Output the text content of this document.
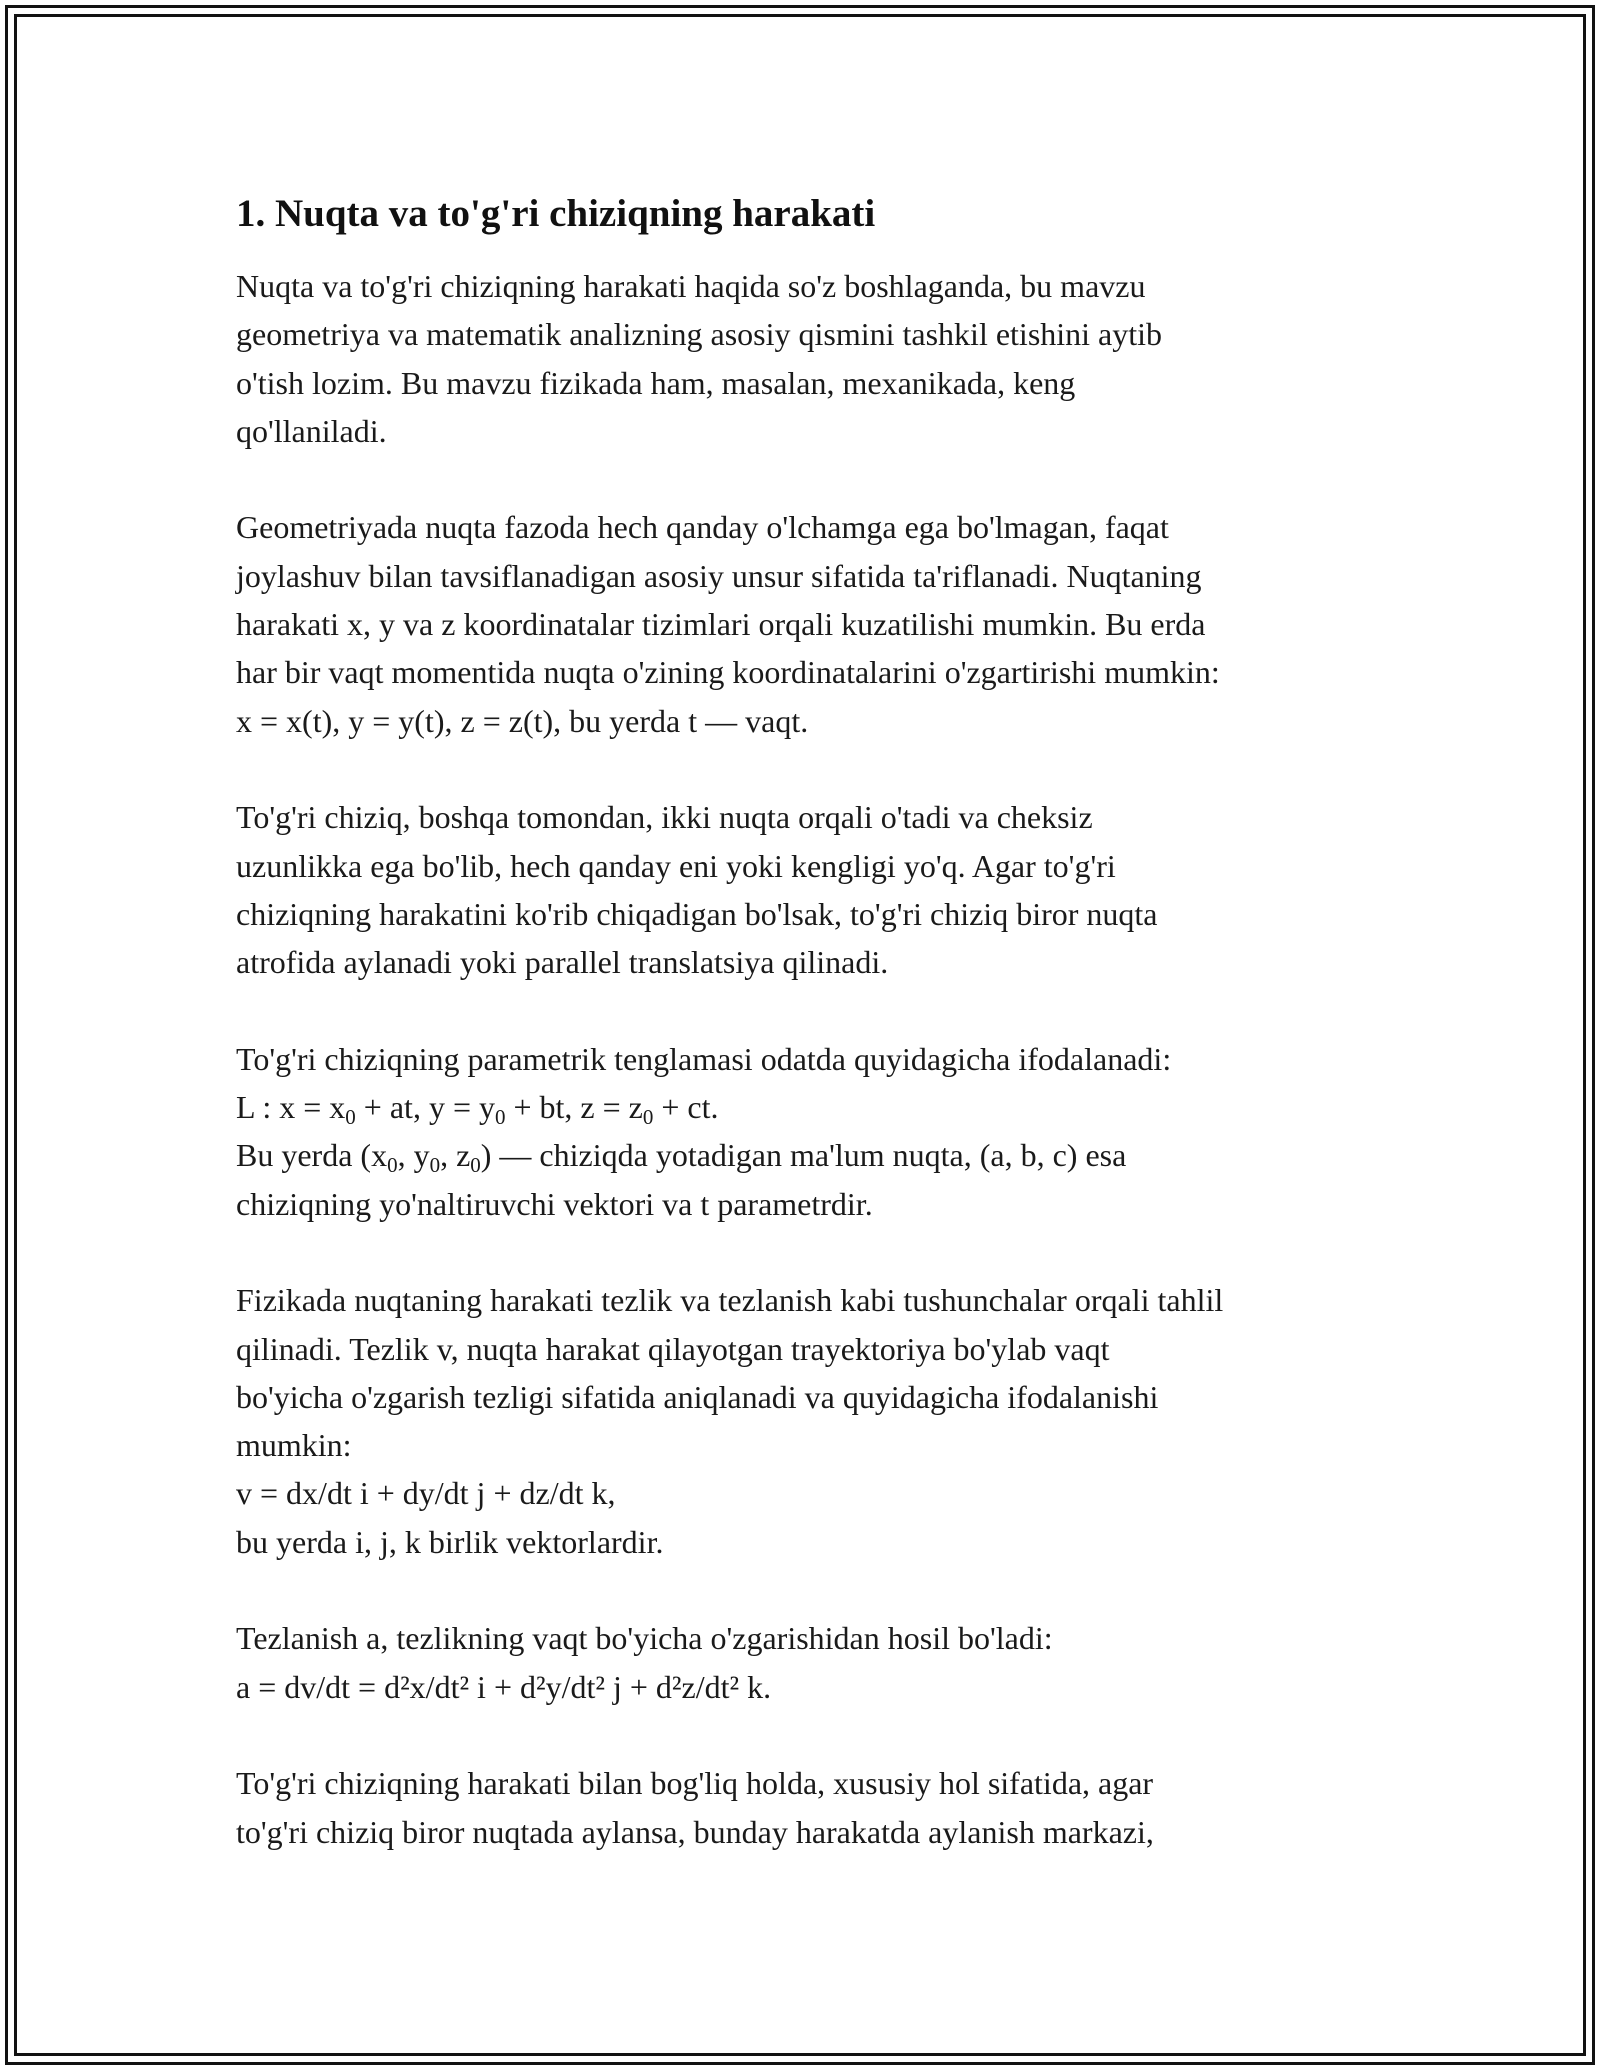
1. Nuqta va to'g'ri chiziqning harakati

Nuqta va to'g'ri chiziqning harakati haqida so'z boshlaganda, bu mavzu
geometriya va matematik analizning asosiy qismini tashkil etishini aytib
o'tish lozim. Bu mavzu fizikada ham, masalan, mexanikada, keng
qo'llaniladi.

Geometriyada nuqta fazoda hech qanday o'lchamga ega bo'lmagan, faqat
joylashuv bilan tavsiflanadigan asosiy unsur sifatida ta'riflanadi. Nuqtaning
harakati x, y va z koordinatalar tizimlari orqali kuzatilishi mumkin. Bu erda
har bir vaqt momentida nuqta o'zining koordinatalarini o'zgartirishi mumkin:
x = x(t), y = y(t), z = z(t), bu yerda t — vaqt.

To'g'ri chiziq, boshqa tomondan, ikki nuqta orqali o'tadi va cheksiz
uzunlikka ega bo'lib, hech qanday eni yoki kengligi yo'q. Agar to'g'ri
chiziqning harakatini ko'rib chiqadigan bo'lsak, to'g'ri chiziq biror nuqta
atrofida aylanadi yoki parallel translatsiya qilinadi.

To'g'ri chiziqning parametrik tenglamasi odatda quyidagicha ifodalanadi:
L : $x = x_0$ + at, $y = y_0$ + bt, $z = z_0$ + ct.
Bu yerda ($x_0$, $y_0$, $z_0$) — chiziqda yotadigan ma'lum nuqta, (a, b, c) esa
chiziqning yo'naltiruvchi vektori va t parametrdir.

Fizikada nuqtaning harakati tezlik va tezlanish kabi tushunchalar orqali tahlil
qilinadi. Tezlik v, nuqta harakat qilayotgan trayektoriya bo'ylab vaqt
bo'yicha o'zgarish tezligi sifatida aniqlanadi va quyidagicha ifodalanishi
mumkin:
v = dx/dt i + dy/dt j + dz/dt k,
bu yerda i, j, k birlik vektorlardir.

Tezlanish a, tezlikning vaqt bo'yicha o'zgarishidan hosil bo'ladi:
a = dv/dt = d²x/dt² i + d²y/dt² j + d²z/dt² k.

To'g'ri chiziqning harakati bilan bog'liq holda, xususiy hol sifatida, agar
to'g'ri chiziq biror nuqtada aylansa, bunday harakatda aylanish markazi,
